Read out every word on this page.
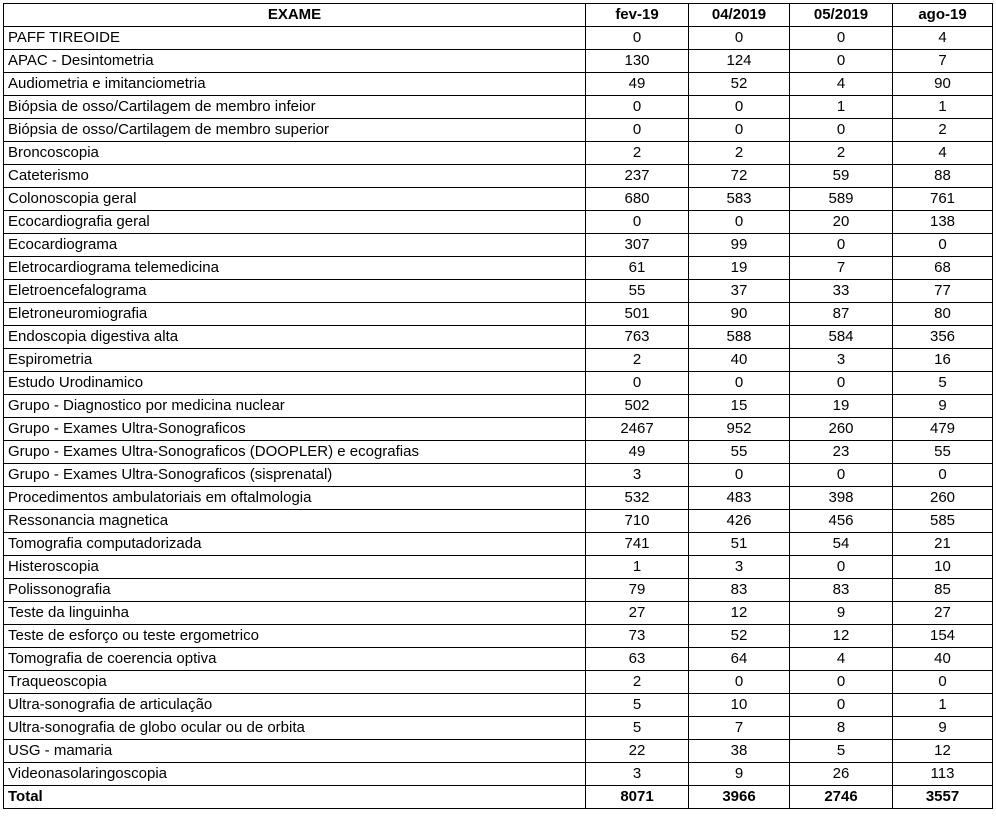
EXAME	fev-19	04/2019	05/2019	ago-19
PAFF TIREOIDE	0	0	0	4
APAC - Desintometria	130	124	0	7
Audiometria e imitanciometria	49	52	4	90
Biópsia de osso/Cartilagem de membro infeior	0	0	1	1
Biópsia de osso/Cartilagem de membro superior	0	0	0	2
Broncoscopia	2	2	2	4
Cateterismo	237	72	59	88
Colonoscopia geral	680	583	589	761
Ecocardiografia geral	0	0	20	138
Ecocardiograma	307	99	0	0
Eletrocardiograma telemedicina	61	19	7	68
Eletroencefalograma	55	37	33	77
Eletroneuromiografia	501	90	87	80
Endoscopia digestiva alta	763	588	584	356
Espirometria	2	40	3	16
Estudo Urodinamico	0	0	0	5
Grupo - Diagnostico por medicina nuclear	502	15	19	9
Grupo - Exames Ultra-Sonograficos	2467	952	260	479
Grupo - Exames Ultra-Sonograficos (DOOPLER) e ecografias	49	55	23	55
Grupo - Exames Ultra-Sonograficos (sisprenatal)	3	0	0	0
Procedimentos ambulatoriais em oftalmologia	532	483	398	260
Ressonancia magnetica	710	426	456	585
Tomografia computadorizada	741	51	54	21
Histeroscopia	1	3	0	10
Polissonografia	79	83	83	85
Teste da linguinha	27	12	9	27
Teste de esforço ou teste ergometrico	73	52	12	154
Tomografia de coerencia optiva	63	64	4	40
Traqueoscopia	2	0	0	0
Ultra-sonografia de articulação	5	10	0	1
Ultra-sonografia de globo ocular ou de orbita	5	7	8	9
USG - mamaria	22	38	5	12
Videonasolaringoscopia	3	9	26	113
Total	8071	3966	2746	3557
